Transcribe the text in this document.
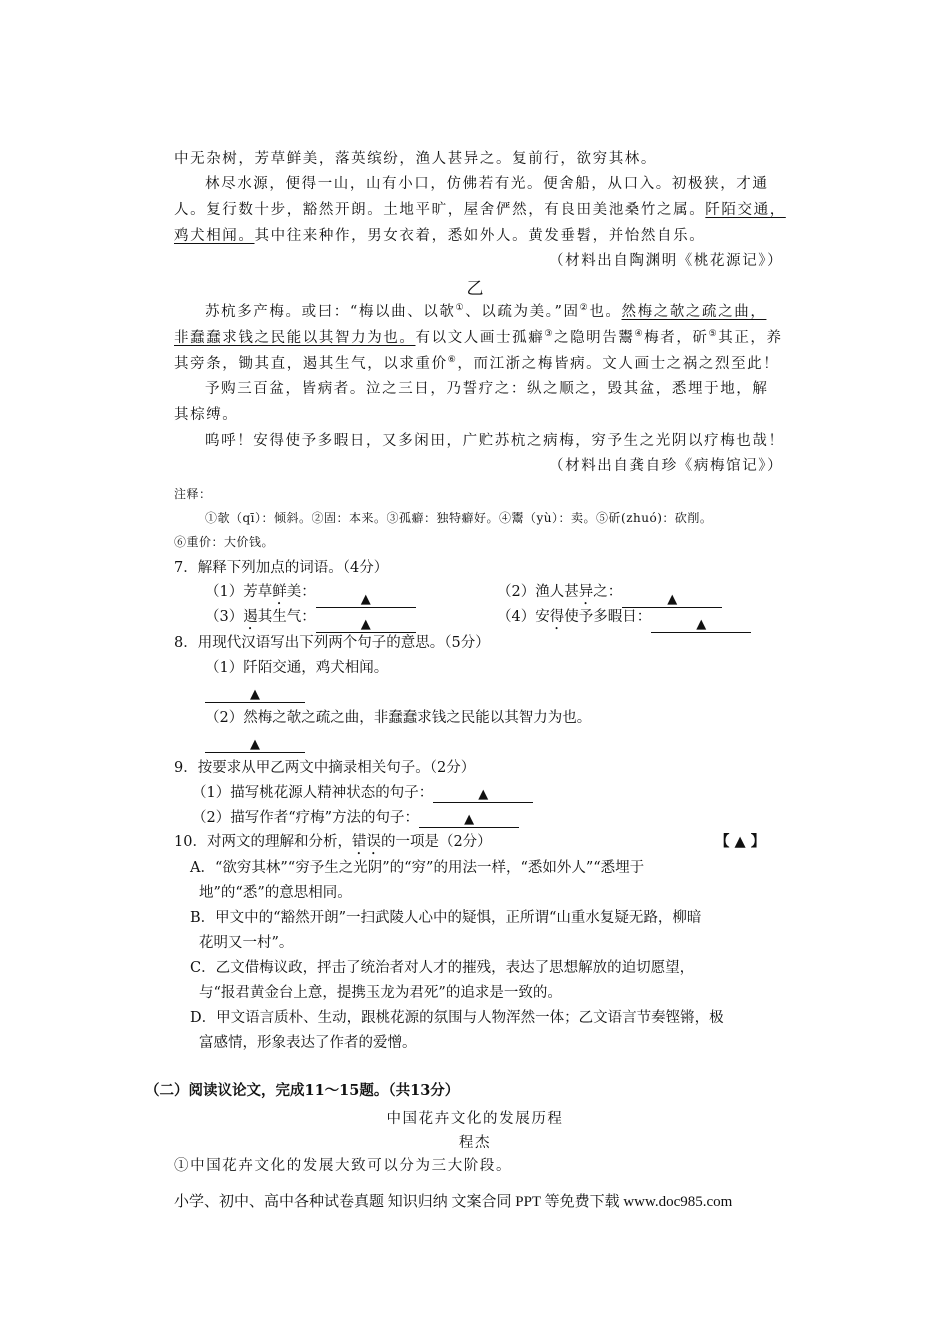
中无杂树，芳草鲜美，落英缤纷，渔人甚异之。复前行，欲穷其林。
林尽水源，便得一山，山有小口，仿佛若有光。便舍船，从口入。初极狭，才通
人。复行数十步，豁然开朗。土地平旷，屋舍俨然，有良田美池桑竹之属。阡陌交通，
鸡犬相闻。其中往来种作，男女衣着，悉如外人。黄发垂髫，并怡然自乐。
（材料出自陶渊明《桃花源记》）
乙
苏杭多产梅。或曰：“梅以曲、以欹①、以疏为美。”固②也。然梅之欹之疏之曲，
非蠢蠢求钱之民能以其智力为也。有以文人画士孤癖③之隐明告鬻④梅者，斫⑤其正，养
其旁条，锄其直，遏其生气，以求重价⑥，而江浙之梅皆病。文人画士之祸之烈至此！
予购三百盆，皆病者。泣之三日，乃誓疗之：纵之顺之，毁其盆，悉埋于地，解
其棕缚。
呜呼！安得使予多暇日，又多闲田，广贮苏杭之病梅，穷予生之光阴以疗梅也哉！
（材料出自龚自珍《病梅馆记》）
注释：
①欹（qī）：倾斜。②固：本来。③孤癖：独特癖好。④鬻（yù）：卖。⑤斫(zhuó)：砍削。
⑥重价：大价钱。
7．解释下列加点的词语。（4分）
（1）芳草鲜美：	▲	（2）渔人甚异之：	▲
（3）遏其生气：	▲	（4）安得使予多暇日：	▲
8．用现代汉语写出下列两个句子的意思。（5分）
（1）阡陌交通，鸡犬相闻。
▲
（2）然梅之欹之疏之曲，非蠢蠢求钱之民能以其智力为也。
▲
9．按要求从甲乙两文中摘录相关句子。（2分）
（1）描写桃花源人精神状态的句子：	▲
（2）描写作者“疗梅”方法的句子：	▲
10．对两文的理解和分析，错误的一项是（2分）	【 ▲ 】
A．“欲穷其林”“穷予生之光阴”的“穷”的用法一样，“悉如外人”“悉埋于
地”的“悉”的意思相同。
B．甲文中的“豁然开朗”一扫武陵人心中的疑惧，正所谓“山重水复疑无路，柳暗
花明又一村”。
C．乙文借梅议政，抨击了统治者对人才的摧残，表达了思想解放的迫切愿望，
与“报君黄金台上意，提携玉龙为君死”的追求是一致的。
D．甲文语言质朴、生动，跟桃花源的氛围与人物浑然一体；乙文语言节奏铿锵，极
富感情，形象表达了作者的爱憎。
（二）阅读议论文，完成11～15题。（共13分）
中国花卉文化的发展历程
程杰
①中国花卉文化的发展大致可以分为三大阶段。
小学、初中、高中各种试卷真题 知识归纳 文案合同 PPT 等免费下载 www.doc985.com
